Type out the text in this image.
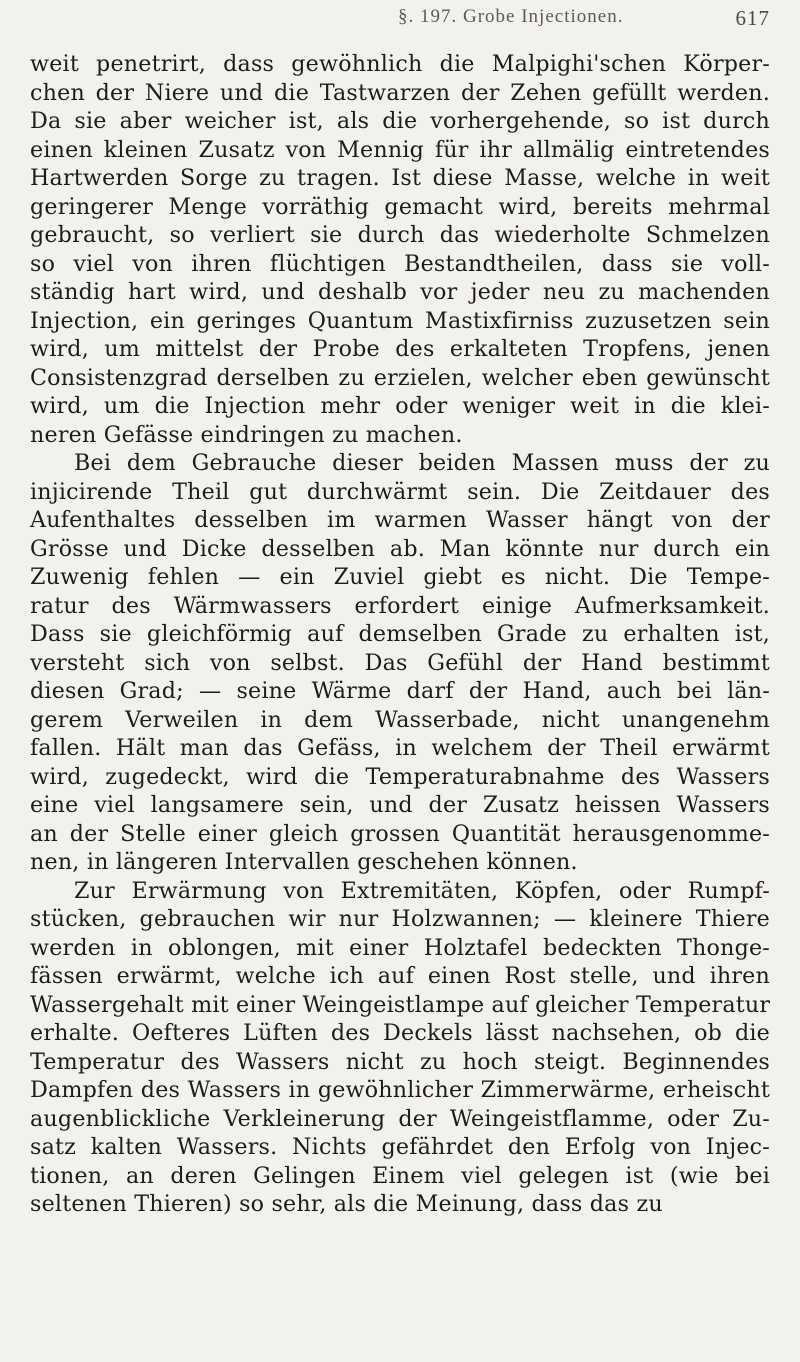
§. 197. Grobe Injectionen.	617

weit penetrirt, dass gewöhnlich die Malpighi'schen Körper-
chen der Niere und die Tastwarzen der Zehen gefüllt werden.
Da sie aber weicher ist, als die vorhergehende, so ist durch
einen kleinen Zusatz von Mennig für ihr allmälig eintretendes
Hartwerden Sorge zu tragen. Ist diese Masse, welche in weit
geringerer Menge vorräthig gemacht wird, bereits mehrmal
gebraucht, so verliert sie durch das wiederholte Schmelzen
so viel von ihren flüchtigen Bestandtheilen, dass sie voll-
ständig hart wird, und deshalb vor jeder neu zu machenden
Injection, ein geringes Quantum Mastixfirniss zuzusetzen sein
wird, um mittelst der Probe des erkalteten Tropfens, jenen
Consistenzgrad derselben zu erzielen, welcher eben gewünscht
wird, um die Injection mehr oder weniger weit in die klei-
neren Gefässe eindringen zu machen.

Bei dem Gebrauche dieser beiden Massen muss der zu
injicirende Theil gut durchwärmt sein. Die Zeitdauer des
Aufenthaltes desselben im warmen Wasser hängt von der
Grösse und Dicke desselben ab. Man könnte nur durch ein
Zuwenig fehlen — ein Zuviel giebt es nicht. Die Tempe-
ratur des Wärmwassers erfordert einige Aufmerksamkeit.
Dass sie gleichförmig auf demselben Grade zu erhalten ist,
versteht sich von selbst. Das Gefühl der Hand bestimmt
diesen Grad; — seine Wärme darf der Hand, auch bei län-
gerem Verweilen in dem Wasserbade, nicht unangenehm
fallen. Hält man das Gefäss, in welchem der Theil erwärmt
wird, zugedeckt, wird die Temperaturabnahme des Wassers
eine viel langsamere sein, und der Zusatz heissen Wassers
an der Stelle einer gleich grossen Quantität herausgenomme-
nen, in längeren Intervallen geschehen können.

Zur Erwärmung von Extremitäten, Köpfen, oder Rumpf-
stücken, gebrauchen wir nur Holzwannen; — kleinere Thiere
werden in oblongen, mit einer Holztafel bedeckten Thonge-
fässen erwärmt, welche ich auf einen Rost stelle, und ihren
Wassergehalt mit einer Weingeistlampe auf gleicher Temperatur
erhalte. Oefteres Lüften des Deckels lässt nachsehen, ob die
Temperatur des Wassers nicht zu hoch steigt. Beginnendes
Dampfen des Wassers in gewöhnlicher Zimmerwärme, erheischt
augenblickliche Verkleinerung der Weingeistflamme, oder Zu-
satz kalten Wassers. Nichts gefährdet den Erfolg von Injec-
tionen, an deren Gelingen Einem viel gelegen ist (wie bei
seltenen Thieren) so sehr, als die Meinung, dass das zu
